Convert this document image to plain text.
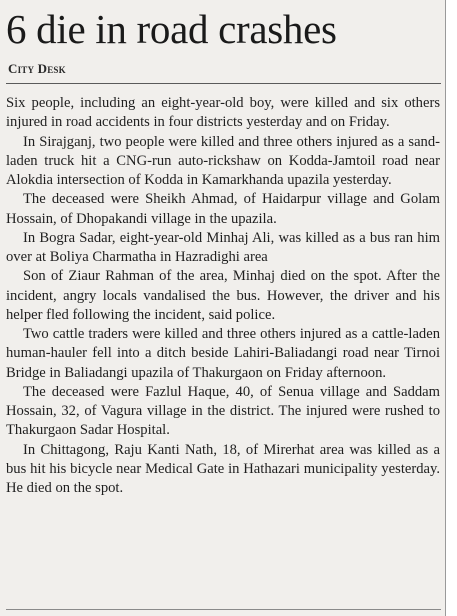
6 die in road crashes
City Desk

Six people, including an eight-year-old boy, were killed and six others injured in road accidents in four districts yesterday and on Friday.

In Sirajganj, two people were killed and three others injured as a sand-laden truck hit a CNG-run auto-rickshaw on Kodda-Jamtoil road near Alokdia intersection of Kodda in Kamarkhanda upazila yesterday.

The deceased were Sheikh Ahmad, of Haidarpur village and Golam Hossain, of Dhopakandi village in the upazila.

In Bogra Sadar, eight-year-old Minhaj Ali, was killed as a bus ran him over at Boliya Charmatha in Hazradighi area

Son of Ziaur Rahman of the area, Minhaj died on the spot. After the incident, angry locals vandalised the bus. However, the driver and his helper fled following the incident, said police.

Two cattle traders were killed and three others injured as a cattle-laden human-hauler fell into a ditch beside Lahiri-Baliadangi road near Tirnoi Bridge in Baliadangi upazila of Thakurgaon on Friday afternoon.

The deceased were Fazlul Haque, 40, of Senua village and Saddam Hossain, 32, of Vagura village in the district. The injured were rushed to Thakurgaon Sadar Hospital.

In Chittagong, Raju Kanti Nath, 18, of Mirerhat area was killed as a bus hit his bicycle near Medical Gate in Hathazari municipality yesterday. He died on the spot.
